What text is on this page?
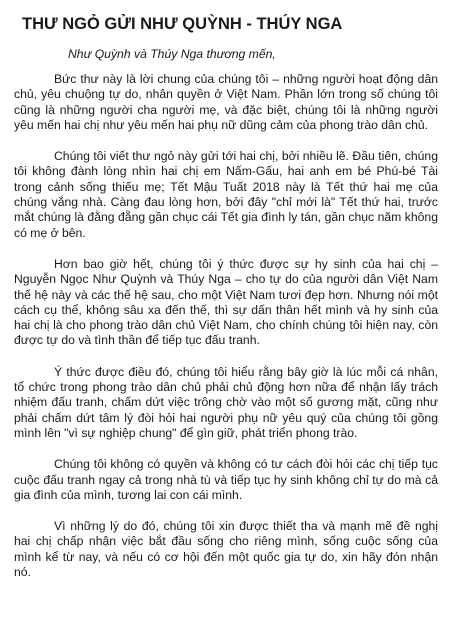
THƯ NGỎ GỬI NHƯ QUỲNH - THÚY NGA

Như Quỳnh và Thúy Nga thương mến,

Bức thư này là lời chung của chúng tôi – những người hoạt động dân chủ, yêu chuộng tự do, nhân quyền ở Việt Nam. Phần lớn trong số chúng tôi cũng là những người cha người mẹ, và đặc biệt, chúng tôi là những người yêu mến hai chị như yêu mến hai phụ nữ dũng cảm của phong trào dân chủ.

Chúng tôi viết thư ngỏ này gửi tới hai chị, bởi nhiều lẽ. Đầu tiên, chúng tôi không đành lòng nhìn hai chị em Nấm-Gấu, hai anh em bé Phú-bé Tài trong cảnh sống thiếu mẹ; Tết Mậu Tuất 2018 này là Tết thứ hai mẹ của chúng vắng nhà. Càng đau lòng hơn, bởi đây "chỉ mới là" Tết thứ hai, trước mắt chúng là đằng đẵng gần chục cái Tết gia đình ly tán, gần chục năm không có mẹ ở bên.

Hơn bao giờ hết, chúng tôi ý thức được sự hy sinh của hai chị – Nguyễn Ngọc Như Quỳnh và Thúy Nga – cho tự do của người dân Việt Nam thế hệ này và các thế hệ sau, cho một Việt Nam tươi đẹp hơn. Nhưng nói một cách cụ thể, không sâu xa đến thế, thì sự dấn thân hết mình và hy sinh của hai chị là cho phong trào dân chủ Việt Nam, cho chính chúng tôi hiện nay, còn được tự do và tình thần để tiếp tục đấu tranh.

Ý thức được điều đó, chúng tôi hiểu rằng bây giờ là lúc mỗi cá nhân, tổ chức trong phong trào dân chủ phải chủ động hơn nữa để nhận lấy trách nhiệm đấu tranh, chấm dứt việc trông chờ vào một số gương mặt, cũng như phải chấm dứt tâm lý đòi hỏi hai người phụ nữ yêu quý của chúng tôi gồng mình lên "vì sự nghiệp chung" để gìn giữ, phát triển phong trào.

Chúng tôi không có quyền và không có tư cách đòi hỏi các chị tiếp tục cuộc đấu tranh ngay cả trong nhà tù và tiếp tục hy sinh không chỉ tự do mà cả gia đình của mình, tương lai con cái mình.

Vì những lý do đó, chúng tôi xin được thiết tha và mạnh mẽ đề nghị hai chị chấp nhận việc bắt đầu sống cho riêng mình, sống cuộc sống của mình kể từ nay, và nếu có cơ hội đến một quốc gia tự do, xin hãy đón nhận nó.
